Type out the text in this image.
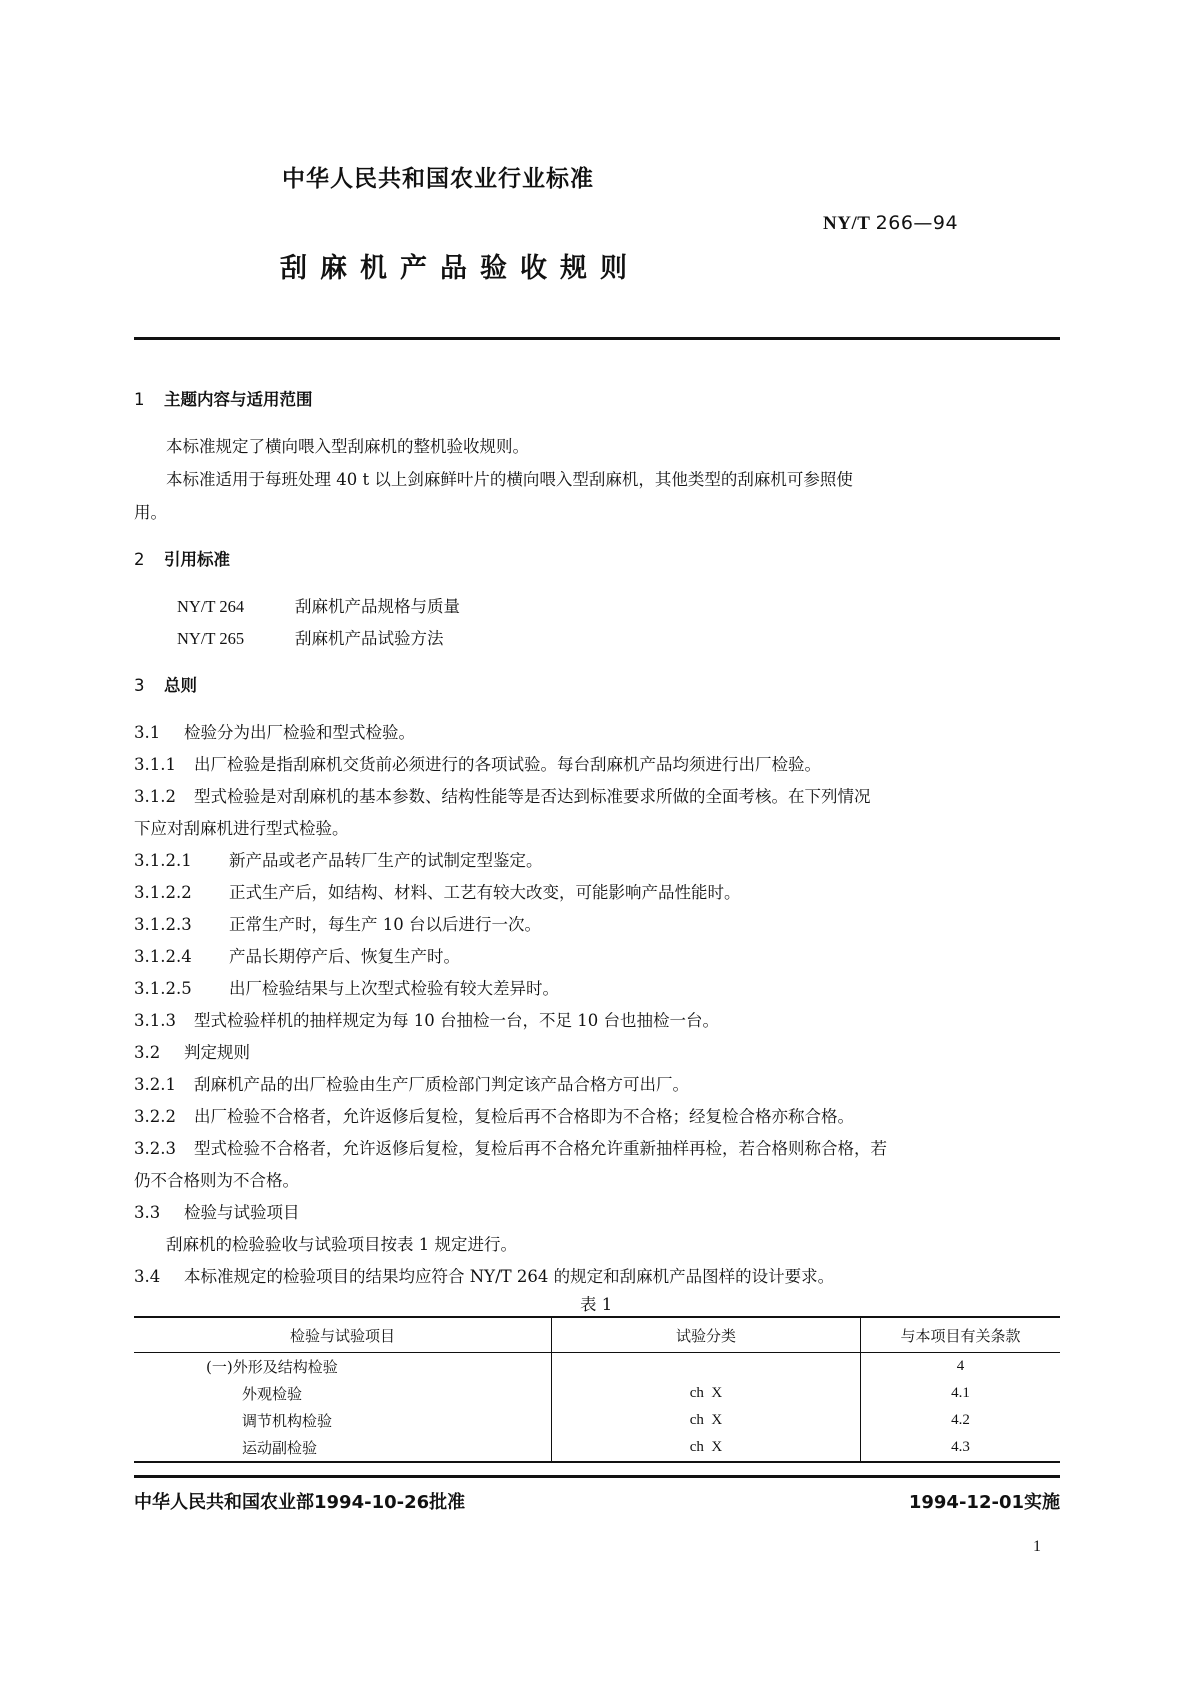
中华人民共和国农业行业标准
NY/T 266—94
刮麻机产品验收规则
1 主题内容与适用范围
本标准规定了横向喂入型刮麻机的整机验收规则。
本标准适用于每班处理 40 t 以上剑麻鲜叶片的横向喂入型刮麻机，其他类型的刮麻机可参照使
用。
2 引用标准
NY/T 264	刮麻机产品规格与质量
NY/T 265	刮麻机产品试验方法
3 总则
3.1 检验分为出厂检验和型式检验。
3.1.1 出厂检验是指刮麻机交货前必须进行的各项试验。每台刮麻机产品均须进行出厂检验。
3.1.2 型式检验是对刮麻机的基本参数、结构性能等是否达到标准要求所做的全面考核。在下列情况
下应对刮麻机进行型式检验。
3.1.2.1 新产品或老产品转厂生产的试制定型鉴定。
3.1.2.2 正式生产后，如结构、材料、工艺有较大改变，可能影响产品性能时。
3.1.2.3 正常生产时，每生产 10 台以后进行一次。
3.1.2.4 产品长期停产后、恢复生产时。
3.1.2.5 出厂检验结果与上次型式检验有较大差异时。
3.1.3 型式检验样机的抽样规定为每 10 台抽检一台，不足 10 台也抽检一台。
3.2 判定规则
3.2.1 刮麻机产品的出厂检验由生产厂质检部门判定该产品合格方可出厂。
3.2.2 出厂检验不合格者，允许返修后复检，复检后再不合格即为不合格；经复检合格亦称合格。
3.2.3 型式检验不合格者，允许返修后复检，复检后再不合格允许重新抽样再检，若合格则称合格，若
仍不合格则为不合格。
3.3 检验与试验项目
刮麻机的检验验收与试验项目按表 1 规定进行。
3.4 本标准规定的检验项目的结果均应符合 NY/T 264 的规定和刮麻机产品图样的设计要求。
表 1
检验与试验项目	试验分类	与本项目有关条款
(一)外形及结构检验		4
外观检验	ch  X	4.1
调节机构检验	ch  X	4.2
运动副检验	ch  X	4.3
中华人民共和国农业部1994-10-26批准	1994-12-01实施
1
